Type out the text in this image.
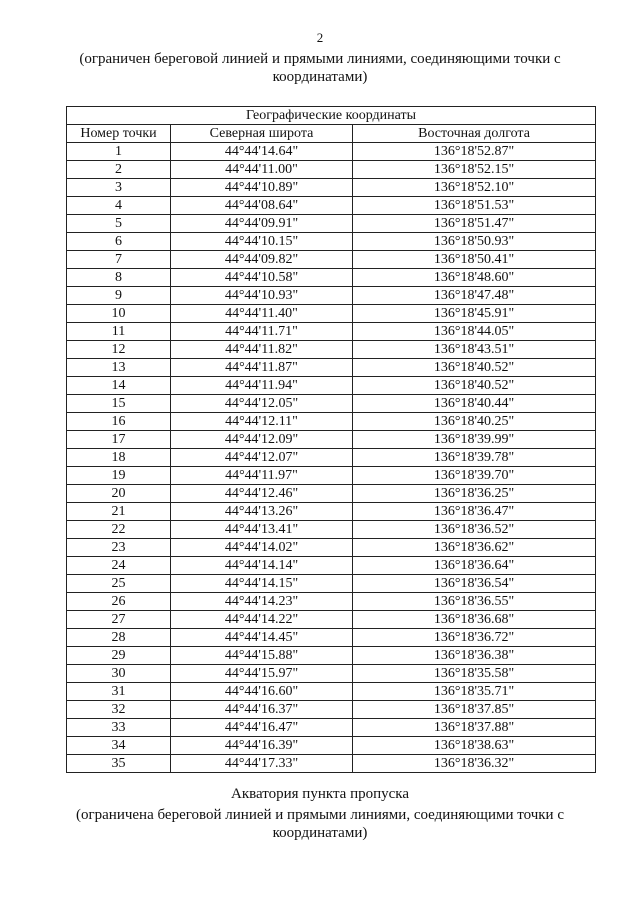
2
(ограничен береговой линией и прямыми линиями, соединяющими точки с координатами)
Географические координаты		
Номер точки	Северная широта	Восточная долгота
1	44°44'14.64"	136°18'52.87"
2	44°44'11.00"	136°18'52.15"
3	44°44'10.89"	136°18'52.10"
4	44°44'08.64"	136°18'51.53"
5	44°44'09.91"	136°18'51.47"
6	44°44'10.15"	136°18'50.93"
7	44°44'09.82"	136°18'50.41"
8	44°44'10.58"	136°18'48.60"
9	44°44'10.93"	136°18'47.48"
10	44°44'11.40"	136°18'45.91"
11	44°44'11.71"	136°18'44.05"
12	44°44'11.82"	136°18'43.51"
13	44°44'11.87"	136°18'40.52"
14	44°44'11.94"	136°18'40.52"
15	44°44'12.05"	136°18'40.44"
16	44°44'12.11"	136°18'40.25"
17	44°44'12.09"	136°18'39.99"
18	44°44'12.07"	136°18'39.78"
19	44°44'11.97"	136°18'39.70"
20	44°44'12.46"	136°18'36.25"
21	44°44'13.26"	136°18'36.47"
22	44°44'13.41"	136°18'36.52"
23	44°44'14.02"	136°18'36.62"
24	44°44'14.14"	136°18'36.64"
25	44°44'14.15"	136°18'36.54"
26	44°44'14.23"	136°18'36.55"
27	44°44'14.22"	136°18'36.68"
28	44°44'14.45"	136°18'36.72"
29	44°44'15.88"	136°18'36.38"
30	44°44'15.97"	136°18'35.58"
31	44°44'16.60"	136°18'35.71"
32	44°44'16.37"	136°18'37.85"
33	44°44'16.47"	136°18'37.88"
34	44°44'16.39"	136°18'38.63"
35	44°44'17.33"	136°18'36.32"
Акватория пункта пропуска
(ограничена береговой линией и прямыми линиями, соединяющими точки с координатами)
